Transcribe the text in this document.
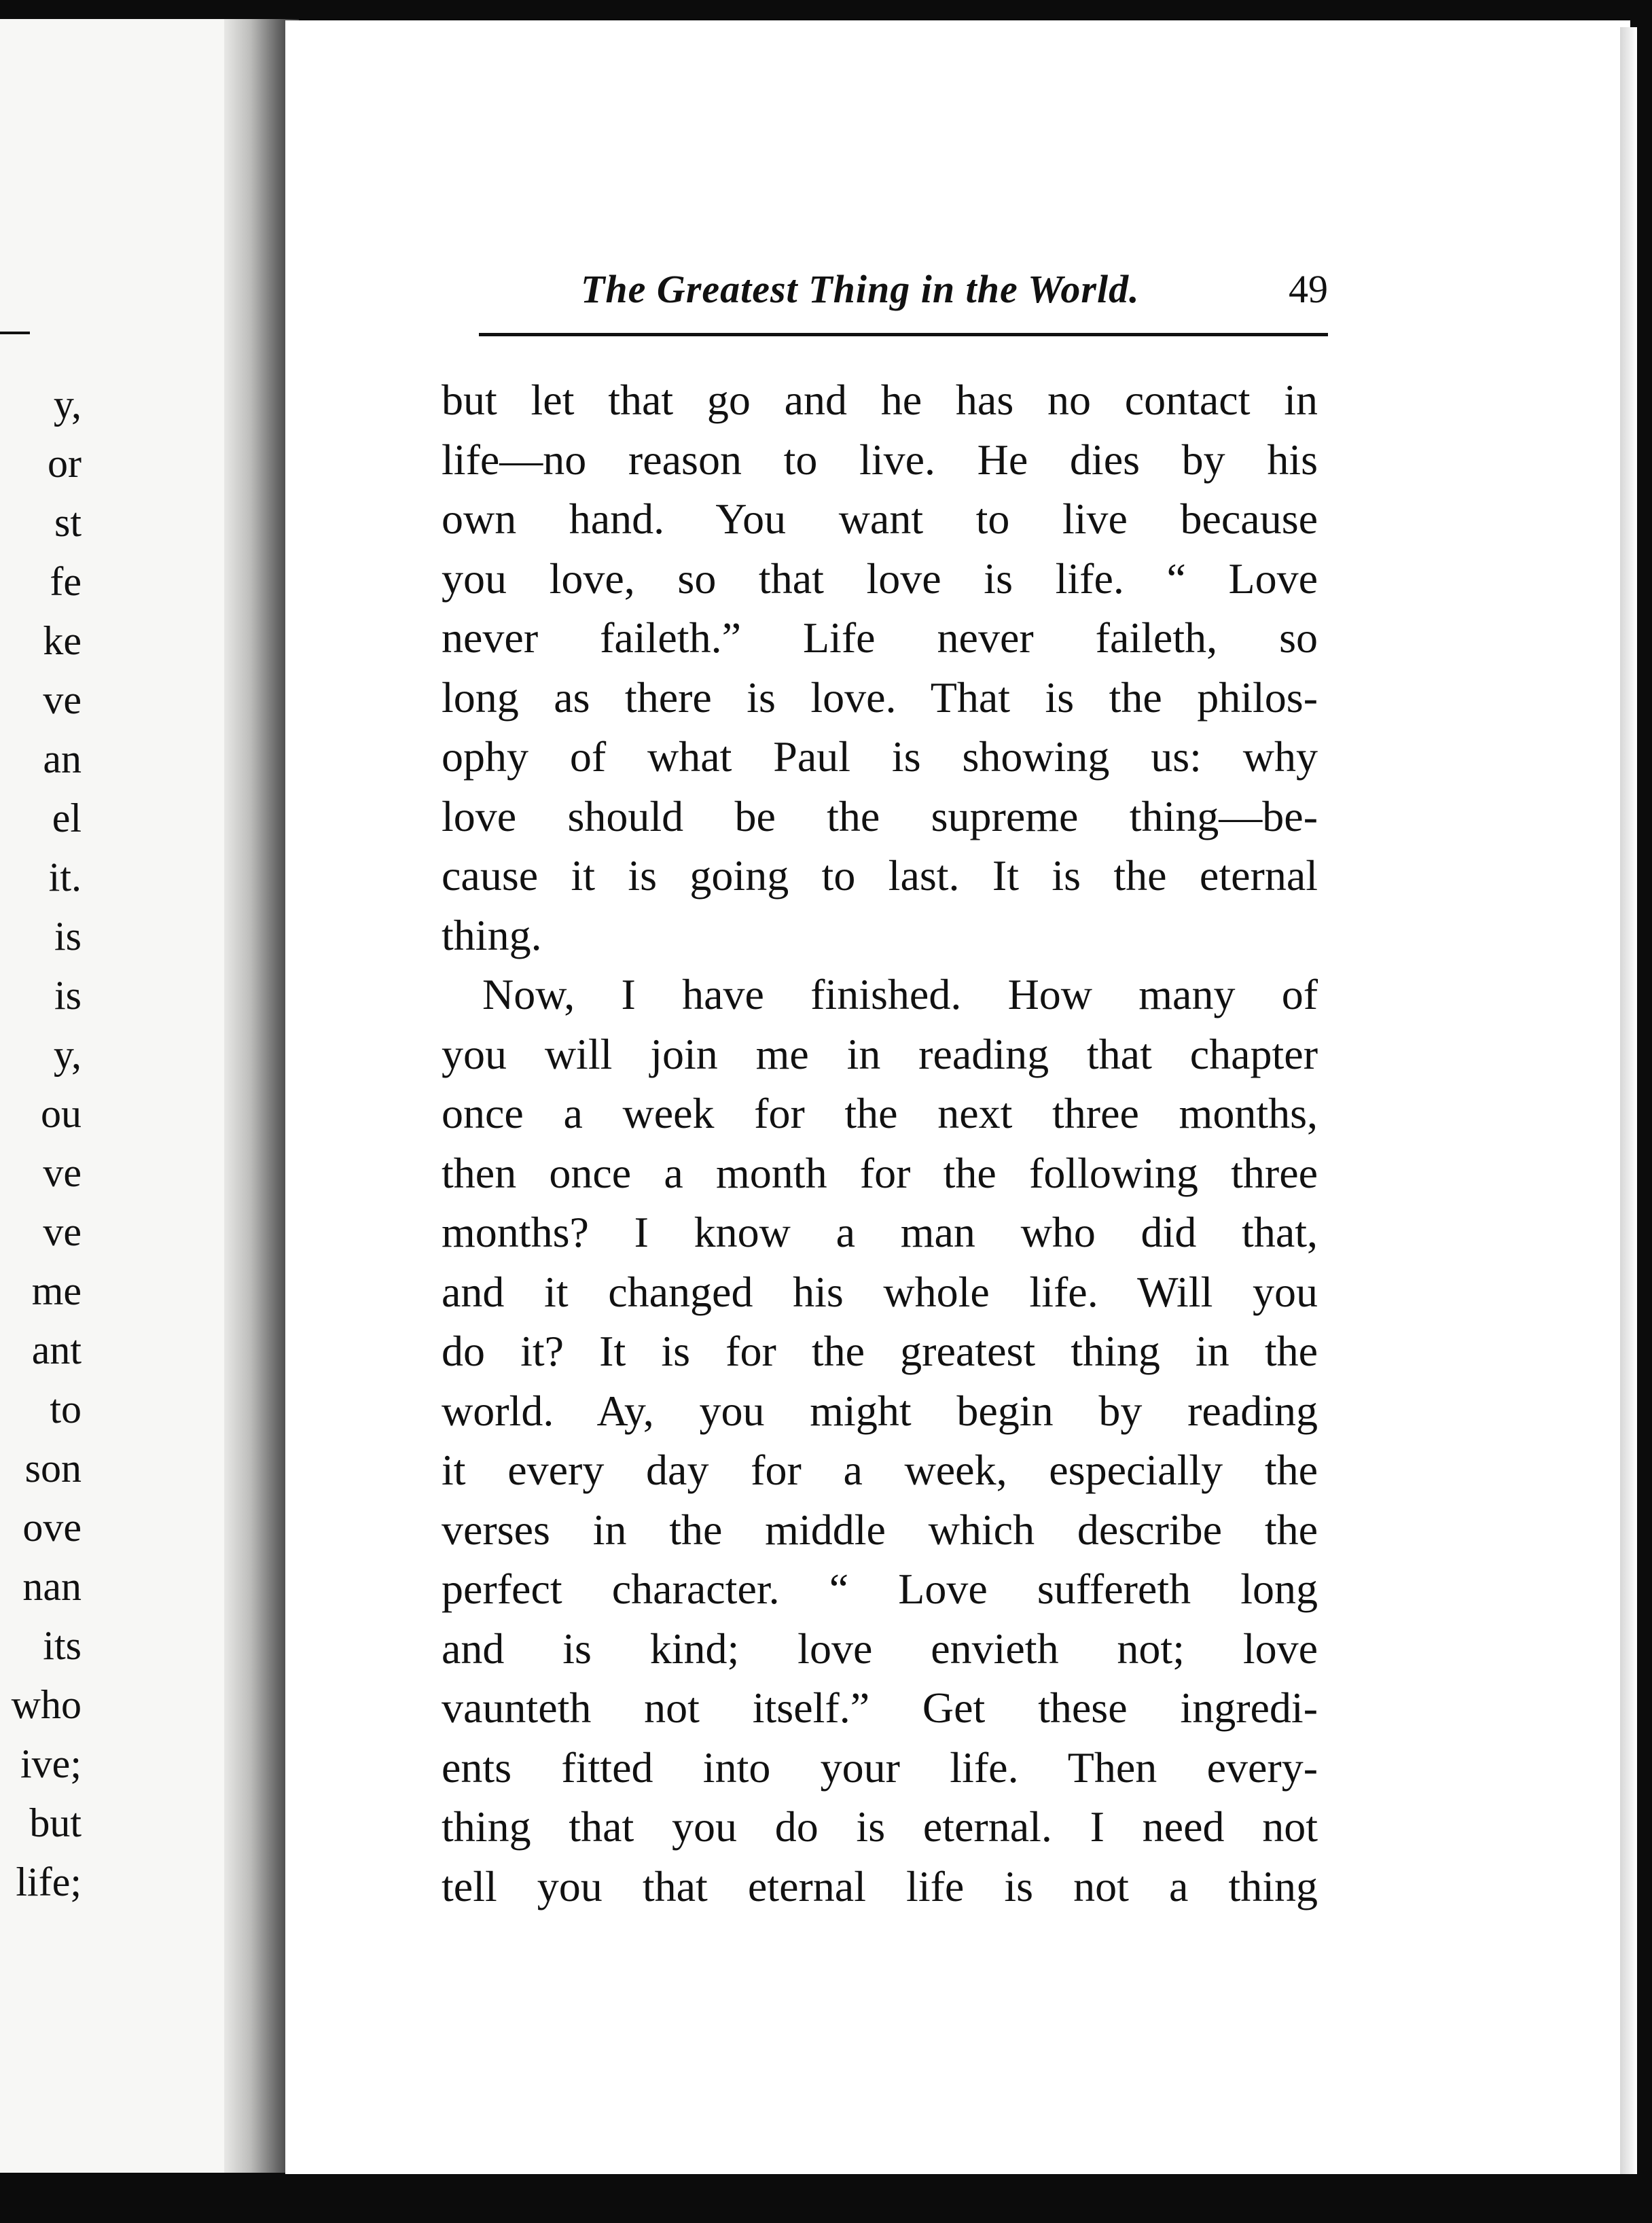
y,
or
st
fe
ke
ve
an
el
it.
is
is
y,
ou
ve
ve
me
ant
to
son
ove
nan
its
who
ive;
but
life;
The Greatest Thing in the World.	49
but let that go and he has no contact in
life—no reason to live. He dies by his
own hand. You want to live because
you love, so that love is life. “ Love
never faileth.” Life never faileth, so
long as there is love. That is the philos-
ophy of what Paul is showing us: why
love should be the supreme thing—be-
cause it is going to last. It is the eternal
thing.
Now, I have finished. How many of
you will join me in reading that chapter
once a week for the next three months,
then once a month for the following three
months? I know a man who did that,
and it changed his whole life. Will you
do it? It is for the greatest thing in the
world. Ay, you might begin by reading
it every day for a week, especially the
verses in the middle which describe the
perfect character. “ Love suffereth long
and is kind; love envieth not; love
vaunteth not itself.” Get these ingredi-
ents fitted into your life. Then every-
thing that you do is eternal. I need not
tell you that eternal life is not a thing
